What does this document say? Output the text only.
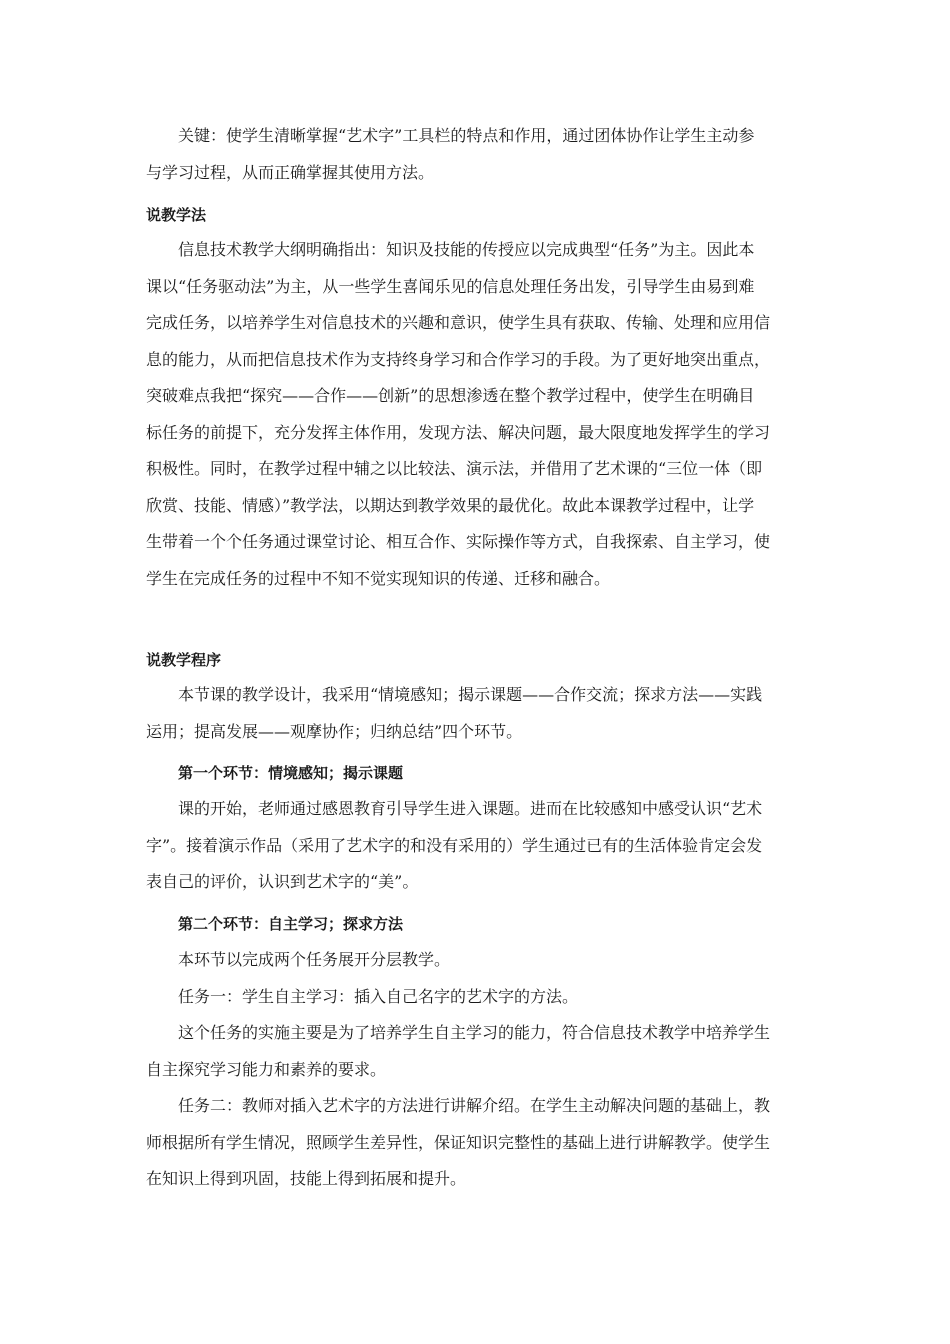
关键：使学生清晰掌握“艺术字”工具栏的特点和作用，通过团体协作让学生主动参
与学习过程，从而正确掌握其使用方法。
说教学法
信息技术教学大纲明确指出：知识及技能的传授应以完成典型“任务”为主。因此本
课以“任务驱动法”为主，从一些学生喜闻乐见的信息处理任务出发，引导学生由易到难
完成任务，以培养学生对信息技术的兴趣和意识，使学生具有获取、传输、处理和应用信
息的能力，从而把信息技术作为支持终身学习和合作学习的手段。为了更好地突出重点，
突破难点我把“探究——合作——创新”的思想渗透在整个教学过程中，使学生在明确目
标任务的前提下，充分发挥主体作用，发现方法、解决问题，最大限度地发挥学生的学习
积极性。同时，在教学过程中辅之以比较法、演示法，并借用了艺术课的“三位一体（即
欣赏、技能、情感）”教学法，以期达到教学效果的最优化。故此本课教学过程中，让学
生带着一个个任务通过课堂讨论、相互合作、实际操作等方式，自我探索、自主学习，使
学生在完成任务的过程中不知不觉实现知识的传递、迁移和融合。
说教学程序
本节课的教学设计，我采用“情境感知；揭示课题——合作交流；探求方法——实践
运用；提高发展——观摩协作；归纳总结”四个环节。
第一个环节：情境感知；揭示课题
课的开始，老师通过感恩教育引导学生进入课题。进而在比较感知中感受认识“艺术
字”。接着演示作品（采用了艺术字的和没有采用的）学生通过已有的生活体验肯定会发
表自己的评价，认识到艺术字的“美”。
第二个环节：自主学习；探求方法
本环节以完成两个任务展开分层教学。
任务一：学生自主学习：插入自己名字的艺术字的方法。
这个任务的实施主要是为了培养学生自主学习的能力，符合信息技术教学中培养学生
自主探究学习能力和素养的要求。
任务二：教师对插入艺术字的方法进行讲解介绍。在学生主动解决问题的基础上，教
师根据所有学生情况，照顾学生差异性，保证知识完整性的基础上进行讲解教学。使学生
在知识上得到巩固，技能上得到拓展和提升。
